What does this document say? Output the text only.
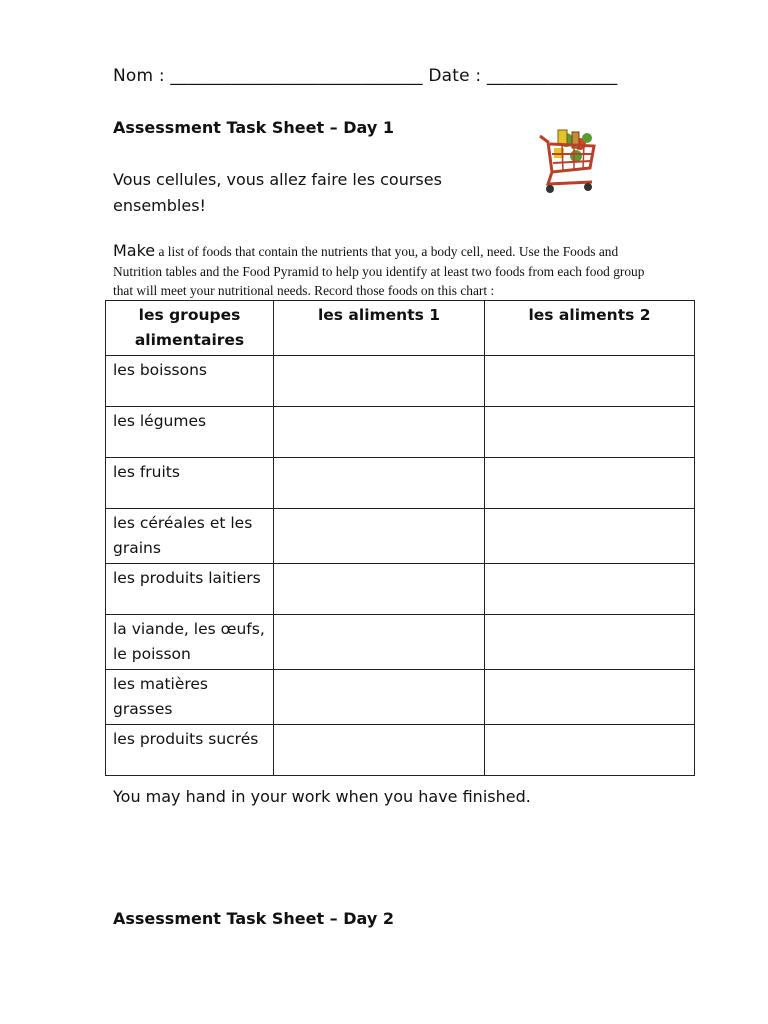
Nom : _____________________________ Date : _______________
Assessment Task Sheet – Day 1
Vous cellules, vous allez faire les courses ensembles!
Make a list of foods that contain the nutrients that you, a body cell, need. Use the Foods and Nutrition tables and the Food Pyramid to help you identify at least two foods from each food group that will meet your nutritional needs. Record those foods on this chart :
les groupes alimentaires	les aliments 1	les aliments 2
les boissons		
les légumes		
les fruits		
les céréales et les grains		
les produits laitiers		
la viande, les œufs, le poisson		
les matières grasses		
les produits sucrés		
You may hand in your work when you have finished.
Assessment Task Sheet – Day 2
